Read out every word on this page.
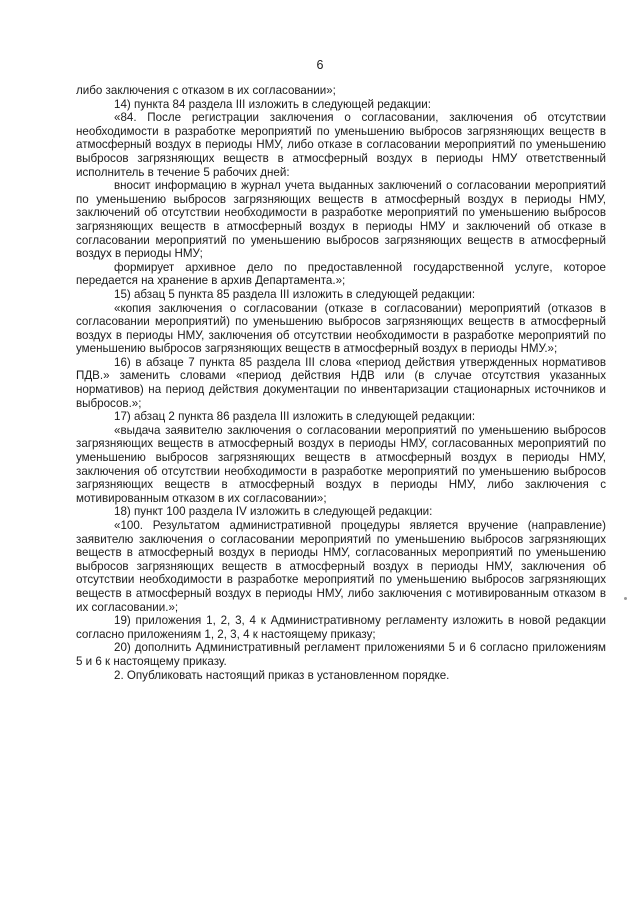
6

либо заключения с отказом в их согласовании»;

14) пункта 84 раздела III изложить в следующей редакции:

«84. После регистрации заключения о согласовании, заключения об отсутствии необходимости в разработке мероприятий по уменьшению выбросов загрязняющих веществ в атмосферный воздух в периоды НМУ, либо отказе в согласовании мероприятий по уменьшению выбросов загрязняющих веществ в атмосферный воздух в периоды НМУ ответственный исполнитель в течение 5 рабочих дней:

вносит информацию в журнал учета выданных заключений о согласовании мероприятий по уменьшению выбросов загрязняющих веществ в атмосферный воздух в периоды НМУ, заключений об отсутствии необходимости в разработке мероприятий по уменьшению выбросов загрязняющих веществ в атмосферный воздух в периоды НМУ и заключений об отказе в согласовании мероприятий по уменьшению выбросов загрязняющих веществ в атмосферный воздух в периоды НМУ;

формирует архивное дело по предоставленной государственной услуге, которое передается на хранение в архив Департамента.»;

15) абзац 5 пункта 85 раздела III изложить в следующей редакции:

«копия заключения о согласовании (отказе в согласовании) мероприятий (отказов в согласовании мероприятий) по уменьшению выбросов загрязняющих веществ в атмосферный воздух в периоды НМУ, заключения об отсутствии необходимости в разработке мероприятий по уменьшению выбросов загрязняющих веществ в атмосферный воздух в периоды НМУ.»;

16) в абзаце 7 пункта 85 раздела III слова «период действия утвержденных нормативов ПДВ.» заменить словами «период действия НДВ или (в случае отсутствия указанных нормативов) на период действия документации по инвентаризации стационарных источников и выбросов.»;

17) абзац 2 пункта 86 раздела III изложить в следующей редакции:

«выдача заявителю заключения о согласовании мероприятий по уменьшению выбросов загрязняющих веществ в атмосферный воздух в периоды НМУ, согласованных мероприятий по уменьшению выбросов загрязняющих веществ в атмосферный воздух в периоды НМУ, заключения об отсутствии необходимости в разработке мероприятий по уменьшению выбросов загрязняющих веществ в атмосферный воздух в периоды НМУ, либо заключения с мотивированным отказом в их согласовании»;

18) пункт 100 раздела IV изложить в следующей редакции:

«100. Результатом административной процедуры является вручение (направление) заявителю заключения о согласовании мероприятий по уменьшению выбросов загрязняющих веществ в атмосферный воздух в периоды НМУ, согласованных мероприятий по уменьшению выбросов загрязняющих веществ в атмосферный воздух в периоды НМУ, заключения об отсутствии необходимости в разработке мероприятий по уменьшению выбросов загрязняющих веществ в атмосферный воздух в периоды НМУ, либо заключения с мотивированным отказом в их согласовании.»;

19) приложения 1, 2, 3, 4 к Административному регламенту изложить в новой редакции согласно приложениям 1, 2, 3, 4 к настоящему приказу;

20) дополнить Административный регламент приложениями 5 и 6 согласно приложениям 5 и 6 к настоящему приказу.

2. Опубликовать настоящий приказ в установленном порядке.
